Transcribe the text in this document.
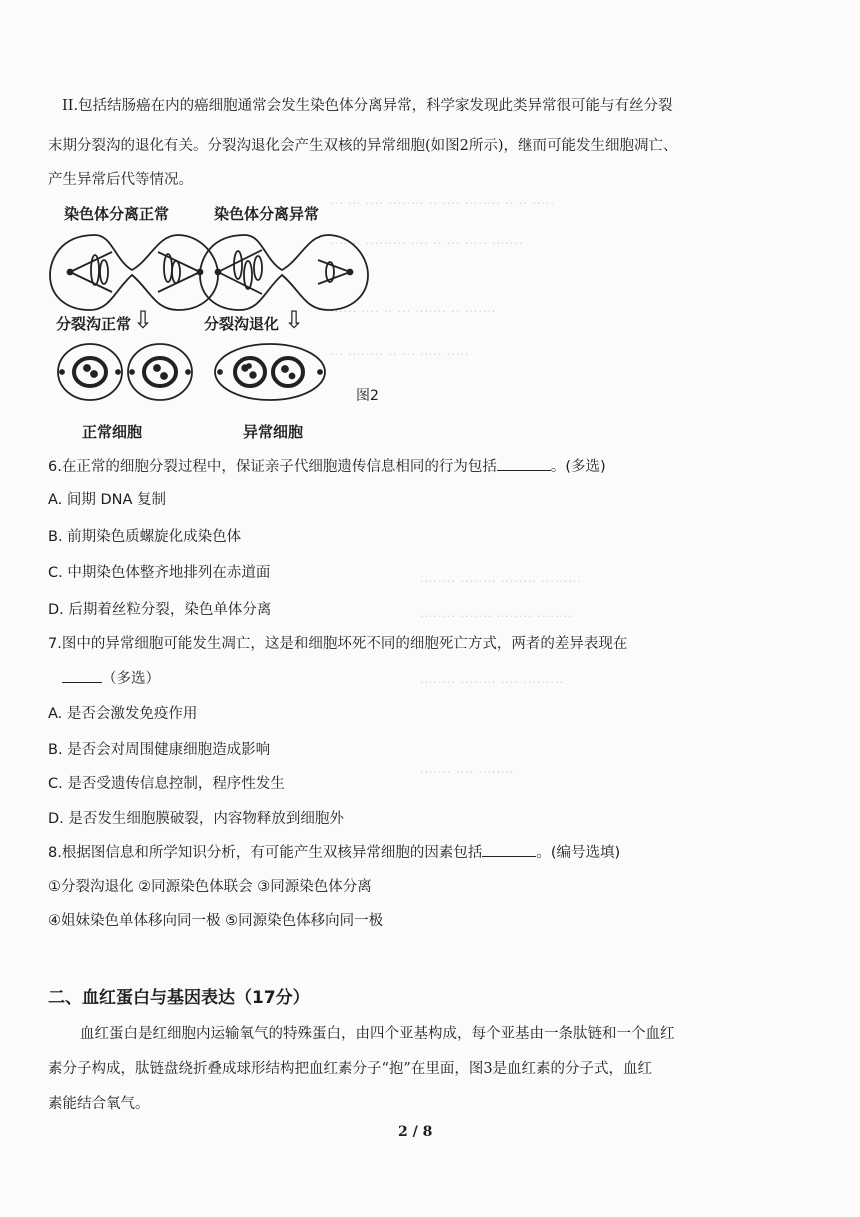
··· ··· ···· ········ ·· ···· ········ ·· ·· ·····
···· ·· ········· ···· ·· ··· ····· ·······
······ ···· ·· ··· ······· ·· ·······
··· ········ ·· ··· ····· ·····
········ ········ ········ ·········
········ ······· ········ ········
········ ········ ···· ·········
······· ···· ········
II.包括结肠癌在内的癌细胞通常会发生染色体分离异常，科学家发现此类异常很可能与有丝分裂
末期分裂沟的退化有关。分裂沟退化会产生双核的异常细胞(如图2所示)，继而可能发生细胞凋亡、
产生异常后代等情况。
染色体分离正常	染色体分离异常
分裂沟正常 ⇩	分裂沟退化 ⇩
图2
正常细胞	异常细胞
6.在正常的细胞分裂过程中，保证亲子代细胞遗传信息相同的行为包括	。(多选)
A. 间期 DNA 复制
B. 前期染色质螺旋化成染色体
C. 中期染色体整齐地排列在赤道面
D. 后期着丝粒分裂，染色单体分离
7.图中的异常细胞可能发生凋亡，这是和细胞坏死不同的细胞死亡方式，两者的差异表现在
（多选）
A. 是否会激发免疫作用
B. 是否会对周围健康细胞造成影响
C. 是否受遗传信息控制，程序性发生
D. 是否发生细胞膜破裂，内容物释放到细胞外
8.根据图信息和所学知识分析，有可能产生双核异常细胞的因素包括	。(编号选填)
①分裂沟退化 ②同源染色体联会 ③同源染色体分离
④姐妹染色单体移向同一极 ⑤同源染色体移向同一极
二、血红蛋白与基因表达（17分）
血红蛋白是红细胞内运输氧气的特殊蛋白，由四个亚基构成，每个亚基由一条肽链和一个血红
素分子构成，肽链盘绕折叠成球形结构把血红素分子“抱”在里面，图3是血红素的分子式，血红
素能结合氧气。
2 / 8
